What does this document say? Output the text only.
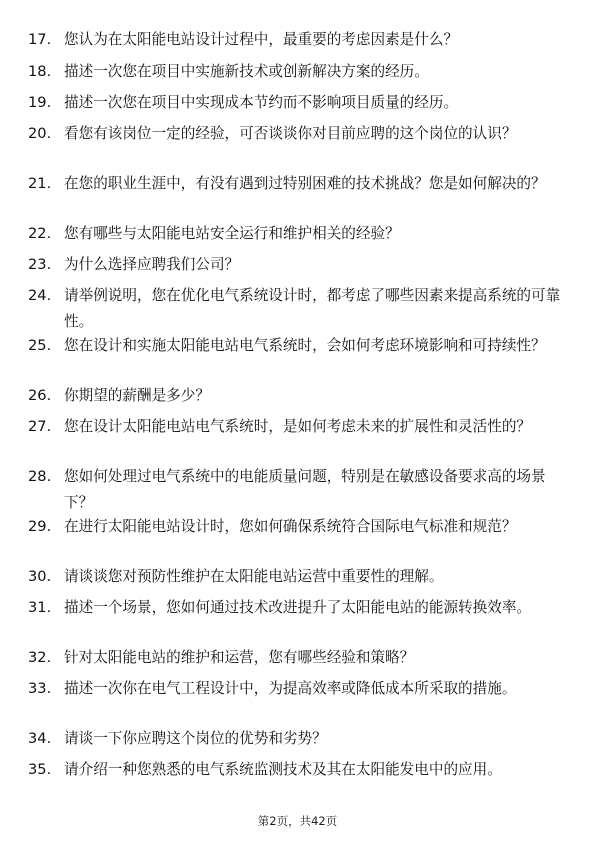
17. 您认为在太阳能电站设计过程中，最重要的考虑因素是什么？
18. 描述一次您在项目中实施新技术或创新解决方案的经历。
19. 描述一次您在项目中实现成本节约而不影响项目质量的经历。
20. 看您有该岗位一定的经验，可否谈谈你对目前应聘的这个岗位的认识？
21. 在您的职业生涯中，有没有遇到过特别困难的技术挑战？您是如何解决的？
22. 您有哪些与太阳能电站安全运行和维护相关的经验？
23. 为什么选择应聘我们公司？
24. 请举例说明，您在优化电气系统设计时，都考虑了哪些因素来提高系统的可靠性。
25. 您在设计和实施太阳能电站电气系统时，会如何考虑环境影响和可持续性？
26. 你期望的薪酬是多少？
27. 您在设计太阳能电站电气系统时，是如何考虑未来的扩展性和灵活性的？
28. 您如何处理过电气系统中的电能质量问题，特别是在敏感设备要求高的场景下？
29. 在进行太阳能电站设计时，您如何确保系统符合国际电气标准和规范？
30. 请谈谈您对预防性维护在太阳能电站运营中重要性的理解。
31. 描述一个场景，您如何通过技术改进提升了太阳能电站的能源转换效率。
32. 针对太阳能电站的维护和运营，您有哪些经验和策略？
33. 描述一次你在电气工程设计中，为提高效率或降低成本所采取的措施。
34. 请谈一下你应聘这个岗位的优势和劣势？
35. 请介绍一种您熟悉的电气系统监测技术及其在太阳能发电中的应用。
第2页，共42页
